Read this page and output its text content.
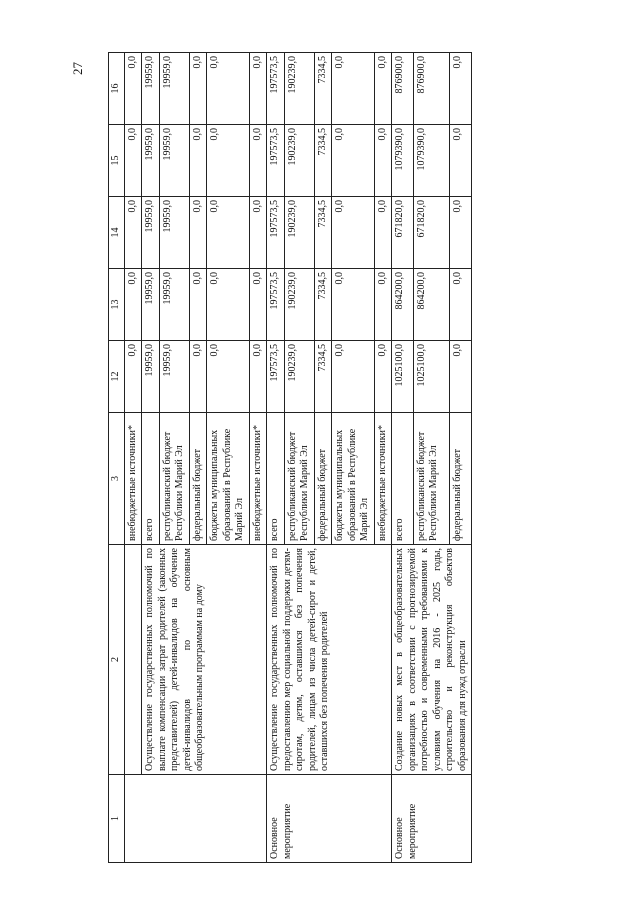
27
1	2	3	12	13	14	15	16
		внебюджетные источники*	0,0	0,0	0,0	0,0	0,0
	Осуществление государственных полномочий по выплате компенсации затрат родителей (законных представителей) детей-инвалидов на обучение детей-инвалидов по основным общеобразовательным программам на дому	всего	19959,0	19959,0	19959,0	19959,0	19959,0
		республиканский бюджет Республики Марий Эл	19959,0	19959,0	19959,0	19959,0	19959,0
		федеральный бюджет	0,0	0,0	0,0	0,0	0,0
		бюджеты муниципальных образований в Республике Марий Эл	0,0	0,0	0,0	0,0	0,0
		внебюджетные источники*	0,0	0,0	0,0	0,0	0,0
Основное мероприятие	Осуществление государственных полномочий по предоставлению мер социальной поддержки детям-сиротам, детям, оставшимся без попечения родителей, лицам из числа детей-сирот и детей, оставшихся без попечения родителей	всего	197573,5	197573,5	197573,5	197573,5	197573,5
		республиканский бюджет Республики Марий Эл	190239,0	190239,0	190239,0	190239,0	190239,0
		федеральный бюджет	7334,5	7334,5	7334,5	7334,5	7334,5
		бюджеты муниципальных образований в Республике Марий Эл	0,0	0,0	0,0	0,0	0,0
		внебюджетные источники*	0,0	0,0	0,0	0,0	0,0
Основное мероприятие	Создание новых мест в общеобразовательных организациях в соответствии с прогнозируемой потребностью и современными требованиями к условиям обучения на 2016 - 2025 годы, строительство и реконструкция объектов образования для нужд отрасли	всего	1025100,0	864200,0	671820,0	1079390,0	876900,0
		республиканский бюджет Республики Марий Эл	1025100,0	864200,0	671820,0	1079390,0	876900,0
		федеральный бюджет	0,0	0,0	0,0	0,0	0,0
